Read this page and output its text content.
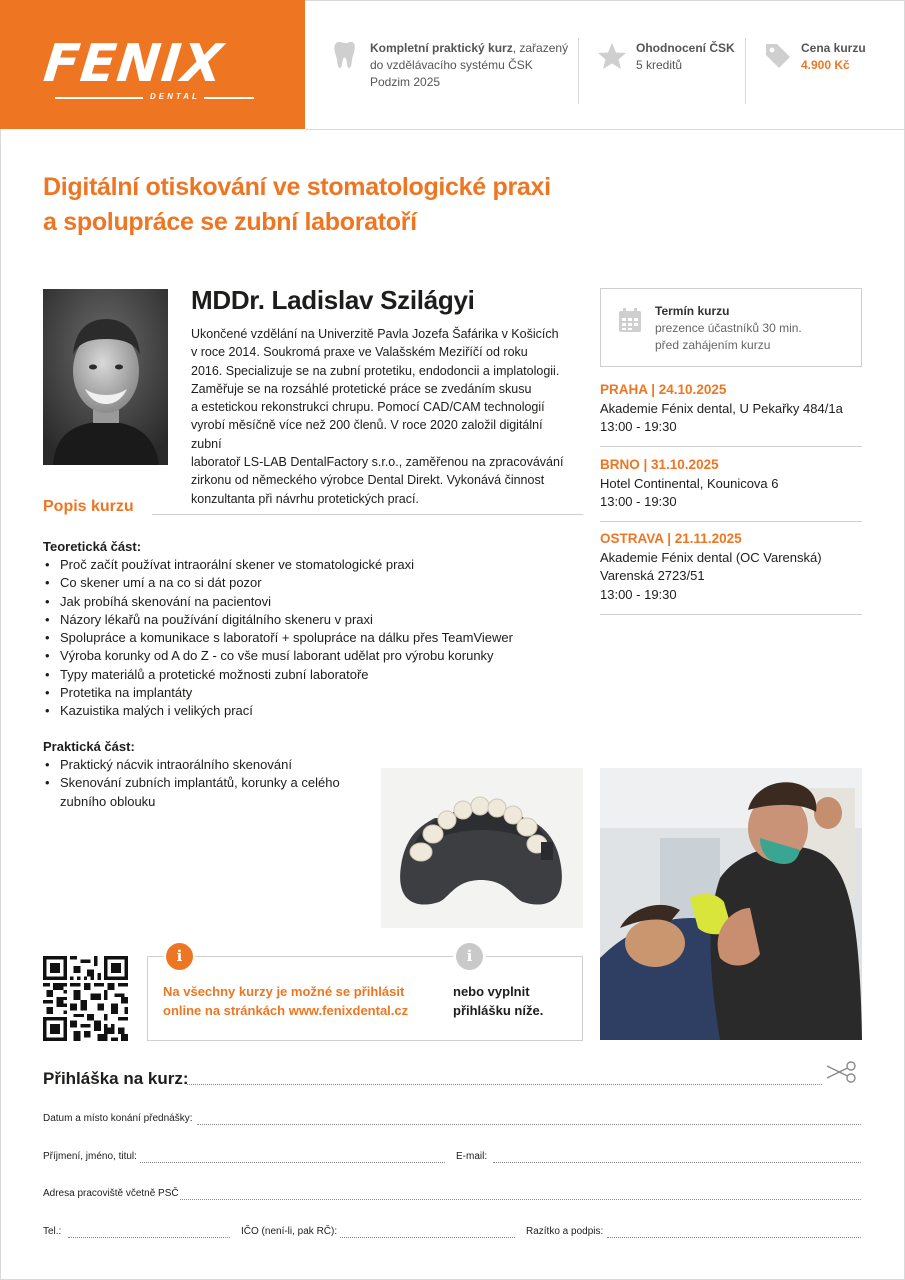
FENIX
DENTAL
Kompletní praktický kurz, zařazený
do vzdělávacího systému ČSK
Podzim 2025
Ohodnocení ČSK
5 kreditů
Cena kurzu
4.900 Kč
Digitální otiskování ve stomatologické praxi
a spolupráce se zubní laboratoří
MDDr. Ladislav Szilágyi
Ukončené vzdělání na Univerzitě Pavla Jozefa Šafárika v Košicích
v roce 2014. Soukromá praxe ve Valašském Meziříčí od roku
2016. Specializuje se na zubní protetiku, endodoncii a implatologii.
Zaměřuje se na rozsáhlé protetické práce se zvedáním skusu
a estetickou rekonstrukci chrupu. Pomocí CAD/CAM technologií
vyrobí měsíčně více než 200 členů. V roce 2020 založil digitální zubní
laboratoř LS-LAB DentalFactory s.r.o., zaměřenou na zpracovávání
zirkonu od německého výrobce Dental Direkt. Vykonává činnost
konzultanta při návrhu protetických prací.
Termín kurzu
prezence účastníků 30 min.
před zahájením kurzu
PRAHA | 24.10.2025
Akademie Fénix dental, U Pekařky 484/1a
13:00 - 19:30
BRNO | 31.10.2025
Hotel Continental, Kounicova 6
13:00 - 19:30
OSTRAVA | 21.11.2025
Akademie Fénix dental (OC Varenská)
Varenská 2723/51
13:00 - 19:30
Popis kurzu
Teoretická část:
• Proč začít používat intraorální skener ve stomatologické praxi
• Co skener umí a na co si dát pozor
• Jak probíhá skenování na pacientovi
• Názory lékařů na používání digitálního skeneru v praxi
• Spolupráce a komunikace s laboratoří + spolupráce na dálku přes TeamViewer
• Výroba korunky od A do Z - co vše musí laborant udělat pro výrobu korunky
• Typy materiálů a protetické možnosti zubní laboratoře
• Protetika na implantáty
• Kazuistika malých i velikých prací
Praktická část:
• Praktický nácvik intraorálního skenování
• Skenování zubních implantátů, korunky a celého
zubního oblouku
i	i
Na všechny kurzy je možné se přihlásit
online na stránkách www.fenixdental.cz
nebo vyplnit
přihlášku níže.
Přihláška na kurz:
Datum a místo konání přednášky:
Příjmení, jméno, titul:	E-mail:
Adresa pracoviště včetně PSČ
Tel.:	IČO (není-li, pak RČ):	Razítko a podpis:
